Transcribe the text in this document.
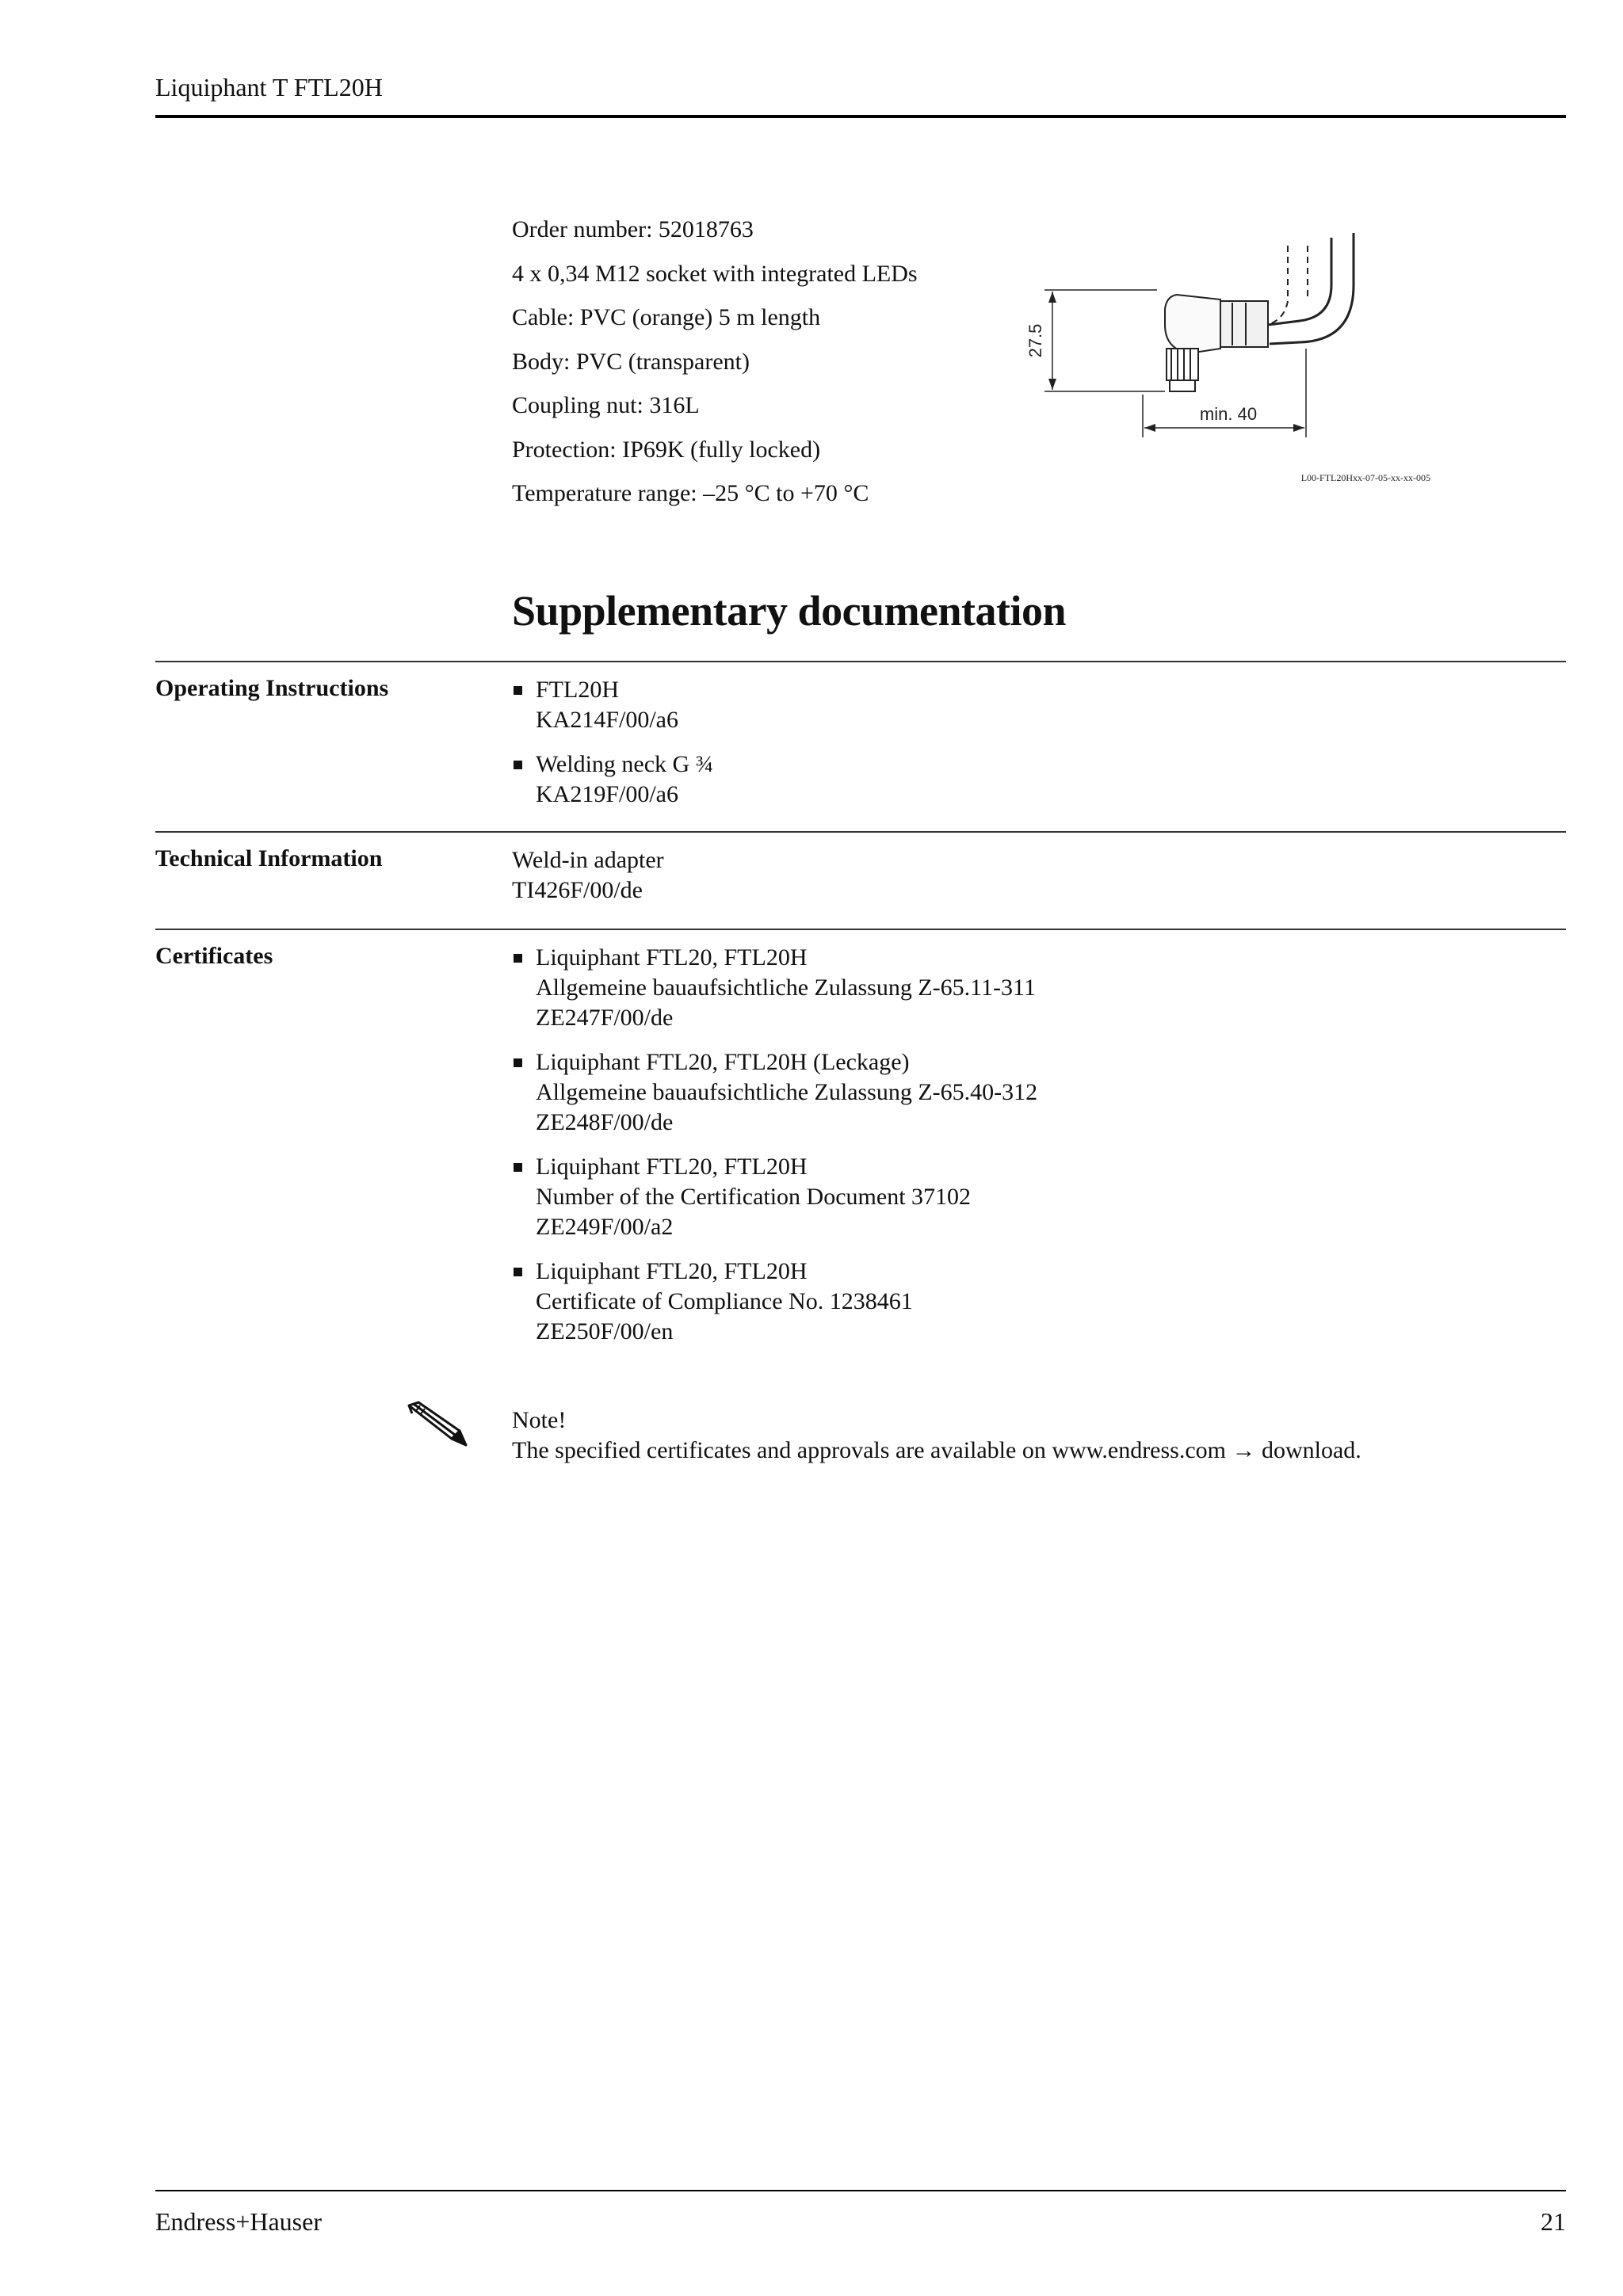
Liquiphant T FTL20H
Order number: 52018763
4 x 0,34 M12 socket with integrated LEDs
Cable: PVC (orange) 5 m length
Body: PVC (transparent)
Coupling nut: 316L
Protection: IP69K (fully locked)
Temperature range: –25 °C to +70 °C
27.5
min. 40
L00-FTL20Hxx-07-05-xx-xx-005
Supplementary documentation
Operating Instructions	FTL20H
KA214F/00/a6
Welding neck G ¾
KA219F/00/a6
Technical Information	Weld-in adapter
TI426F/00/de
Certificates	Liquiphant FTL20, FTL20H
Allgemeine bauaufsichtliche Zulassung Z-65.11-311
ZE247F/00/de
Liquiphant FTL20, FTL20H (Leckage)
Allgemeine bauaufsichtliche Zulassung Z-65.40-312
ZE248F/00/de
Liquiphant FTL20, FTL20H
Number of the Certification Document 37102
ZE249F/00/a2
Liquiphant FTL20, FTL20H
Certificate of Compliance No. 1238461
ZE250F/00/en
Note!
The specified certificates and approvals are available on www.endress.com → download.
Endress+Hauser	21
